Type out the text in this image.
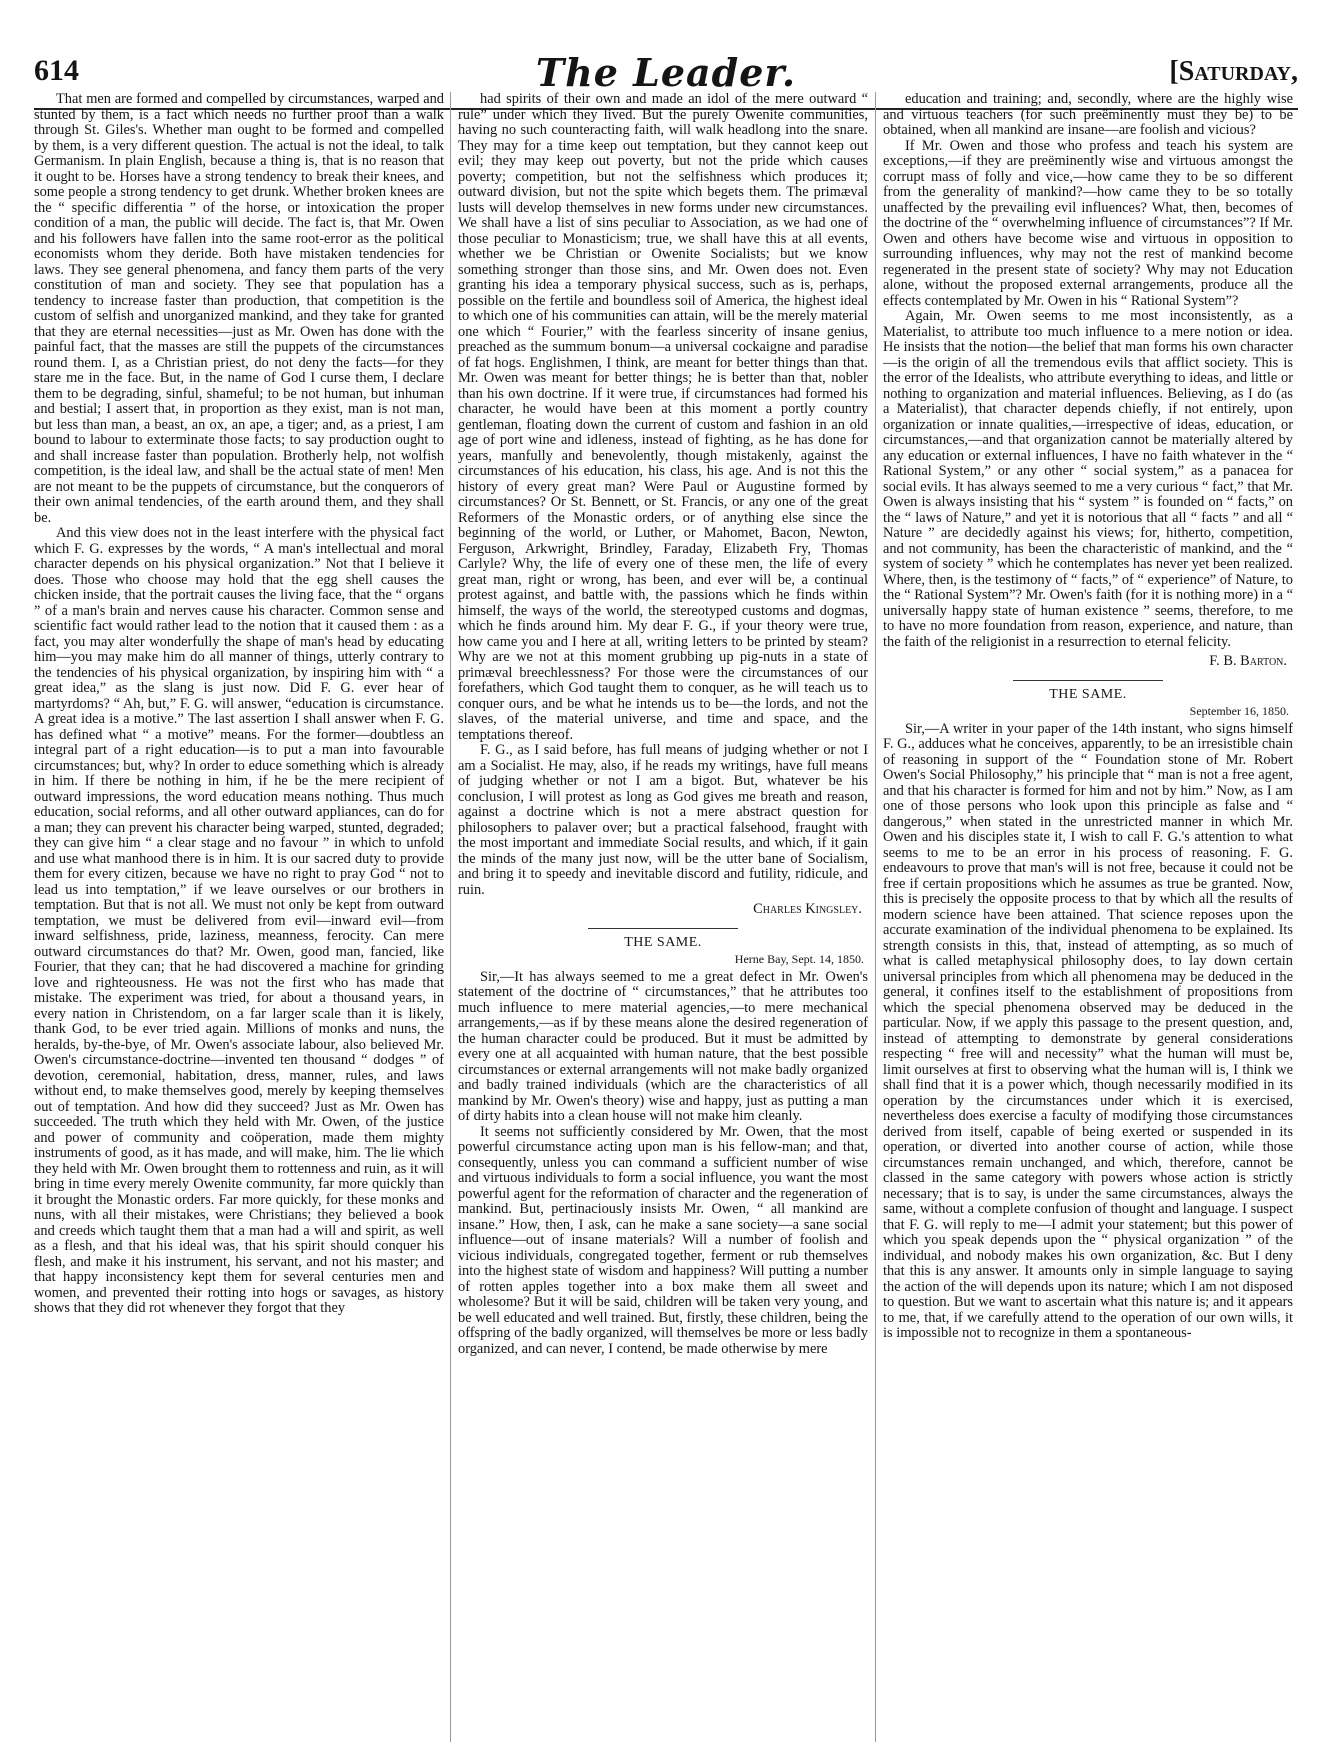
614	The Leader.	[Saturday,

That men are formed and compelled by circumstances, warped and stunted by them, is a fact which needs no further proof than a walk through St. Giles's. Whether man ought to be formed and compelled by them, is a very different question. The actual is not the ideal, to talk Germanism. In plain English, because a thing is, that is no reason that it ought to be. Horses have a strong tendency to break their knees, and some people a strong tendency to get drunk. Whether broken knees are the “ specific differentia ” of the horse, or intoxication the proper condition of a man, the public will decide. The fact is, that Mr. Owen and his followers have fallen into the same root-error as the political economists whom they deride. Both have mistaken tendencies for laws. They see general phenomena, and fancy them parts of the very constitution of man and society. They see that population has a tendency to increase faster than production, that competition is the custom of selfish and unorganized mankind, and they take for granted that they are eternal necessities—just as Mr. Owen has done with the painful fact, that the masses are still the puppets of the circumstances round them. I, as a Christian priest, do not deny the facts—for they stare me in the face. But, in the name of God I curse them, I declare them to be degrading, sinful, shameful; to be not human, but inhuman and bestial; I assert that, in proportion as they exist, man is not man, but less than man, a beast, an ox, an ape, a tiger; and, as a priest, I am bound to labour to exterminate those facts; to say production ought to and shall increase faster than population. Brotherly help, not wolfish competition, is the ideal law, and shall be the actual state of men! Men are not meant to be the puppets of circumstance, but the conquerors of their own animal tendencies, of the earth around them, and they shall be.

And this view does not in the least interfere with the physical fact which F. G. expresses by the words, “ A man's intellectual and moral character depends on his physical organization.” Not that I believe it does. Those who choose may hold that the egg shell causes the chicken inside, that the portrait causes the living face, that the “ organs ” of a man's brain and nerves cause his character. Common sense and scientific fact would rather lead to the notion that it caused them : as a fact, you may alter wonderfully the shape of man's head by educating him—you may make him do all manner of things, utterly contrary to the tendencies of his physical organization, by inspiring him with “ a great idea,” as the slang is just now. Did F. G. ever hear of martyrdoms? “ Ah, but,” F. G. will answer, “education is circumstance. A great idea is a motive.” The last assertion I shall answer when F. G. has defined what “ a motive” means. For the former—doubtless an integral part of a right education—is to put a man into favourable circumstances; but, why? In order to educe something which is already in him. If there be nothing in him, if he be the mere recipient of outward impressions, the word education means nothing. Thus much education, social reforms, and all other outward appliances, can do for a man; they can prevent his character being warped, stunted, degraded; they can give him “ a clear stage and no favour ” in which to unfold and use what manhood there is in him. It is our sacred duty to provide them for every citizen, because we have no right to pray God “ not to lead us into temptation,” if we leave ourselves or our brothers in temptation. But that is not all. We must not only be kept from outward temptation, we must be delivered from evil—inward evil—from inward selfishness, pride, laziness, meanness, ferocity. Can mere outward circumstances do that? Mr. Owen, good man, fancied, like Fourier, that they can; that he had discovered a machine for grinding love and righteousness. He was not the first who has made that mistake. The experiment was tried, for about a thousand years, in every nation in Christendom, on a far larger scale than it is likely, thank God, to be ever tried again. Millions of monks and nuns, the heralds, by-the-bye, of Mr. Owen's associate labour, also believed Mr. Owen's circumstance-doctrine—invented ten thousand “ dodges ” of devotion, ceremonial, habitation, dress, manner, rules, and laws without end, to make themselves good, merely by keeping themselves out of temptation. And how did they succeed? Just as Mr. Owen has succeeded. The truth which they held with Mr. Owen, of the justice and power of community and coöperation, made them mighty instruments of good, as it has made, and will make, him. The lie which they held with Mr. Owen brought them to rottenness and ruin, as it will bring in time every merely Owenite community, far more quickly than it brought the Monastic orders. Far more quickly, for these monks and nuns, with all their mistakes, were Christians; they believed a book and creeds which taught them that a man had a will and spirit, as well as a flesh, and that his ideal was, that his spirit should conquer his flesh, and make it his instrument, his servant, and not his master; and that happy inconsistency kept them for several centuries men and women, and prevented their rotting into hogs or savages, as history shows that they did rot whenever they forgot that they

had spirits of their own and made an idol of the mere outward “ rule” under which they lived. But the purely Owenite communities, having no such counteracting faith, will walk headlong into the snare. They may for a time keep out temptation, but they cannot keep out evil; they may keep out poverty, but not the pride which causes poverty; competition, but not the selfishness which produces it; outward division, but not the spite which begets them. The primæval lusts will develop themselves in new forms under new circumstances. We shall have a list of sins peculiar to Association, as we had one of those peculiar to Monasticism; true, we shall have this at all events, whether we be Christian or Owenite Socialists; but we know something stronger than those sins, and Mr. Owen does not. Even granting his idea a temporary physical success, such as is, perhaps, possible on the fertile and boundless soil of America, the highest ideal to which one of his communities can attain, will be the merely material one which “ Fourier,” with the fearless sincerity of insane genius, preached as the summum bonum—a universal cockaigne and paradise of fat hogs. Englishmen, I think, are meant for better things than that. Mr. Owen was meant for better things; he is better than that, nobler than his own doctrine. If it were true, if circumstances had formed his character, he would have been at this moment a portly country gentleman, floating down the current of custom and fashion in an old age of port wine and idleness, instead of fighting, as he has done for years, manfully and benevolently, though mistakenly, against the circumstances of his education, his class, his age. And is not this the history of every great man? Were Paul or Augustine formed by circumstances? Or St. Bennett, or St. Francis, or any one of the great Reformers of the Monastic orders, or of anything else since the beginning of the world, or Luther, or Mahomet, Bacon, Newton, Ferguson, Arkwright, Brindley, Faraday, Elizabeth Fry, Thomas Carlyle? Why, the life of every one of these men, the life of every great man, right or wrong, has been, and ever will be, a continual protest against, and battle with, the passions which he finds within himself, the ways of the world, the stereotyped customs and dogmas, which he finds around him. My dear F. G., if your theory were true, how came you and I here at all, writing letters to be printed by steam? Why are we not at this moment grubbing up pig-nuts in a state of primæval breechlessness? For those were the circumstances of our forefathers, which God taught them to conquer, as he will teach us to conquer ours, and be what he intends us to be—the lords, and not the slaves, of the material universe, and time and space, and the temptations thereof.

F. G., as I said before, has full means of judging whether or not I am a Socialist. He may, also, if he reads my writings, have full means of judging whether or not I am a bigot. But, whatever be his conclusion, I will protest as long as God gives me breath and reason, against a doctrine which is not a mere abstract question for philosophers to palaver over; but a practical falsehood, fraught with the most important and immediate Social results, and which, if it gain the minds of the many just now, will be the utter bane of Socialism, and bring it to speedy and inevitable discord and futility, ridicule, and ruin.

Charles Kingsley.
THE SAME.
Herne Bay, Sept. 14, 1850.

Sir,—It has always seemed to me a great defect in Mr. Owen's statement of the doctrine of “ circumstances,” that he attributes too much influence to mere material agencies,—to mere mechanical arrangements,—as if by these means alone the desired regeneration of the human character could be produced. But it must be admitted by every one at all acquainted with human nature, that the best possible circumstances or external arrangements will not make badly organized and badly trained individuals (which are the characteristics of all mankind by Mr. Owen's theory) wise and happy, just as putting a man of dirty habits into a clean house will not make him cleanly.

It seems not sufficiently considered by Mr. Owen, that the most powerful circumstance acting upon man is his fellow-man; and that, consequently, unless you can command a sufficient number of wise and virtuous individuals to form a social influence, you want the most powerful agent for the reformation of character and the regeneration of mankind. But, pertinaciously insists Mr. Owen, “ all mankind are insane.” How, then, I ask, can he make a sane society—a sane social influence—out of insane materials? Will a number of foolish and vicious individuals, congregated together, ferment or rub themselves into the highest state of wisdom and happiness? Will putting a number of rotten apples together into a box make them all sweet and wholesome? But it will be said, children will be taken very young, and be well educated and well trained. But, firstly, these children, being the offspring of the badly organized, will themselves be more or less badly organized, and can never, I contend, be made otherwise by mere

education and training; and, secondly, where are the highly wise and virtuous teachers (for such preëminently must they be) to be obtained, when all mankind are insane—are foolish and vicious?

If Mr. Owen and those who profess and teach his system are exceptions,—if they are preëminently wise and virtuous amongst the corrupt mass of folly and vice,—how came they to be so different from the generality of mankind?—how came they to be so totally unaffected by the prevailing evil influences? What, then, becomes of the doctrine of the “ overwhelming influence of circumstances”? If Mr. Owen and others have become wise and virtuous in opposition to surrounding influences, why may not the rest of mankind become regenerated in the present state of society? Why may not Education alone, without the proposed external arrangements, produce all the effects contemplated by Mr. Owen in his “ Rational System”?

Again, Mr. Owen seems to me most inconsistently, as a Materialist, to attribute too much influence to a mere notion or idea. He insists that the notion—the belief that man forms his own character—is the origin of all the tremendous evils that afflict society. This is the error of the Idealists, who attribute everything to ideas, and little or nothing to organization and material influences. Believing, as I do (as a Materialist), that character depends chiefly, if not entirely, upon organization or innate qualities,—irrespective of ideas, education, or circumstances,—and that organization cannot be materially altered by any education or external influences, I have no faith whatever in the “ Rational System,” or any other “ social system,” as a panacea for social evils. It has always seemed to me a very curious “ fact,” that Mr. Owen is always insisting that his “ system ” is founded on “ facts,” on the “ laws of Nature,” and yet it is notorious that all “ facts ” and all “ Nature ” are decidedly against his views; for, hitherto, competition, and not community, has been the characteristic of mankind, and the “ system of society ” which he contemplates has never yet been realized. Where, then, is the testimony of “ facts,” of “ experience” of Nature, to the “ Rational System”? Mr. Owen's faith (for it is nothing more) in a “ universally happy state of human existence ” seems, therefore, to me to have no more foundation from reason, experience, and nature, than the faith of the religionist in a resurrection to eternal felicity.

F. B. Barton.
THE SAME.
September 16, 1850.

Sir,—A writer in your paper of the 14th instant, who signs himself F. G., adduces what he conceives, apparently, to be an irresistible chain of reasoning in support of the “ Foundation stone of Mr. Robert Owen's Social Philosophy,” his principle that “ man is not a free agent, and that his character is formed for him and not by him.” Now, as I am one of those persons who look upon this principle as false and “ dangerous,” when stated in the unrestricted manner in which Mr. Owen and his disciples state it, I wish to call F. G.'s attention to what seems to me to be an error in his process of reasoning. F. G. endeavours to prove that man's will is not free, because it could not be free if certain propositions which he assumes as true be granted. Now, this is precisely the opposite process to that by which all the results of modern science have been attained. That science reposes upon the accurate examination of the individual phenomena to be explained. Its strength consists in this, that, instead of attempting, as so much of what is called metaphysical philosophy does, to lay down certain universal principles from which all phenomena may be deduced in the general, it confines itself to the establishment of propositions from which the special phenomena observed may be deduced in the particular. Now, if we apply this passage to the present question, and, instead of attempting to demonstrate by general considerations respecting “ free will and necessity” what the human will must be, limit ourselves at first to observing what the human will is, I think we shall find that it is a power which, though necessarily modified in its operation by the circumstances under which it is exercised, nevertheless does exercise a faculty of modifying those circumstances derived from itself, capable of being exerted or suspended in its operation, or diverted into another course of action, while those circumstances remain unchanged, and which, therefore, cannot be classed in the same category with powers whose action is strictly necessary; that is to say, is under the same circumstances, always the same, without a complete confusion of thought and language. I suspect that F. G. will reply to me—I admit your statement; but this power of which you speak depends upon the “ physical organization ” of the individual, and nobody makes his own organization, &c. But I deny that this is any answer. It amounts only in simple language to saying the action of the will depends upon its nature; which I am not disposed to question. But we want to ascertain what this nature is; and it appears to me, that, if we carefully attend to the operation of our own wills, it is impossible not to recognize in them a spontaneous-
